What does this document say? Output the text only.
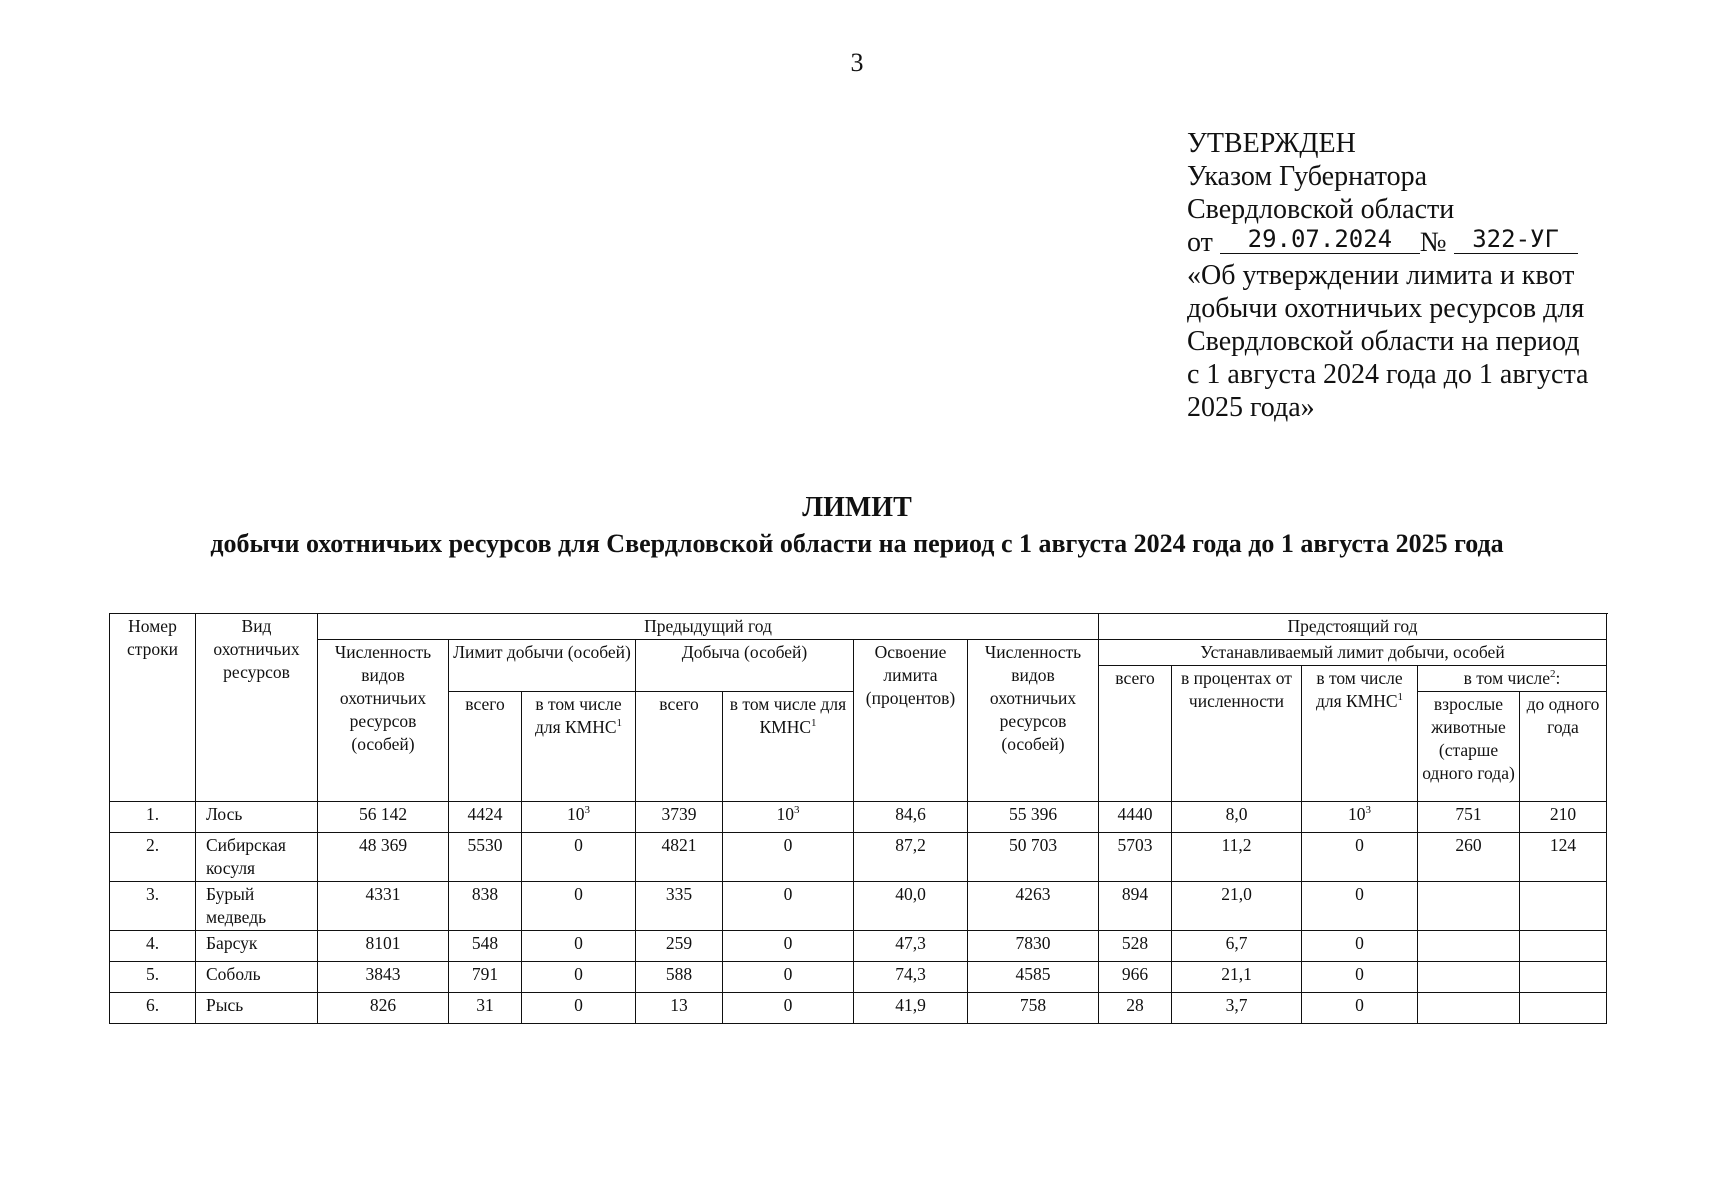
3
УТВЕРЖДЕН
Указом Губернатора
Свердловской области
от 29.07.2024 № 322-УГ
«Об утверждении лимита и квот
добычи охотничьих ресурсов для
Свердловской области на период
с 1 августа 2024 года до 1 августа
2025 года»
ЛИМИТ
добычи охотничьих ресурсов для Свердловской области на период с 1 августа 2024 года до 1 августа 2025 года
Номер строки	Вид охотничьих ресурсов	Предыдущий год							Предстоящий год				
		Численность видов охотничьих ресурсов (особей)	Лимит добычи (особей)		Добыча (особей)		Освоение лимита (процентов)	Численность видов охотничьих ресурсов (особей)	Устанавливаемый лимит добычи, особей				
									всего	в процентах от численности	в том числе для КМНС$^1$	в том числе$^2$:	
			всего	в том числе для КМНС$^1$	всего	в том числе для КМНС$^1$						взрослые животные (старше одного года)	до одного года
1.	Лось	56 142	4424	$10^3$	3739	$10^3$	84,6	55 396	4440	8,0	$10^3$	751	210
2.	Сибирская косуля	48 369	5530	0	4821	0	87,2	50 703	5703	11,2	0	260	124
3.	Бурый медведь	4331	838	0	335	0	40,0	4263	894	21,0	0		
4.	Барсук	8101	548	0	259	0	47,3	7830	528	6,7	0		
5.	Соболь	3843	791	0	588	0	74,3	4585	966	21,1	0		
6.	Рысь	826	31	0	13	0	41,9	758	28	3,7	0		
